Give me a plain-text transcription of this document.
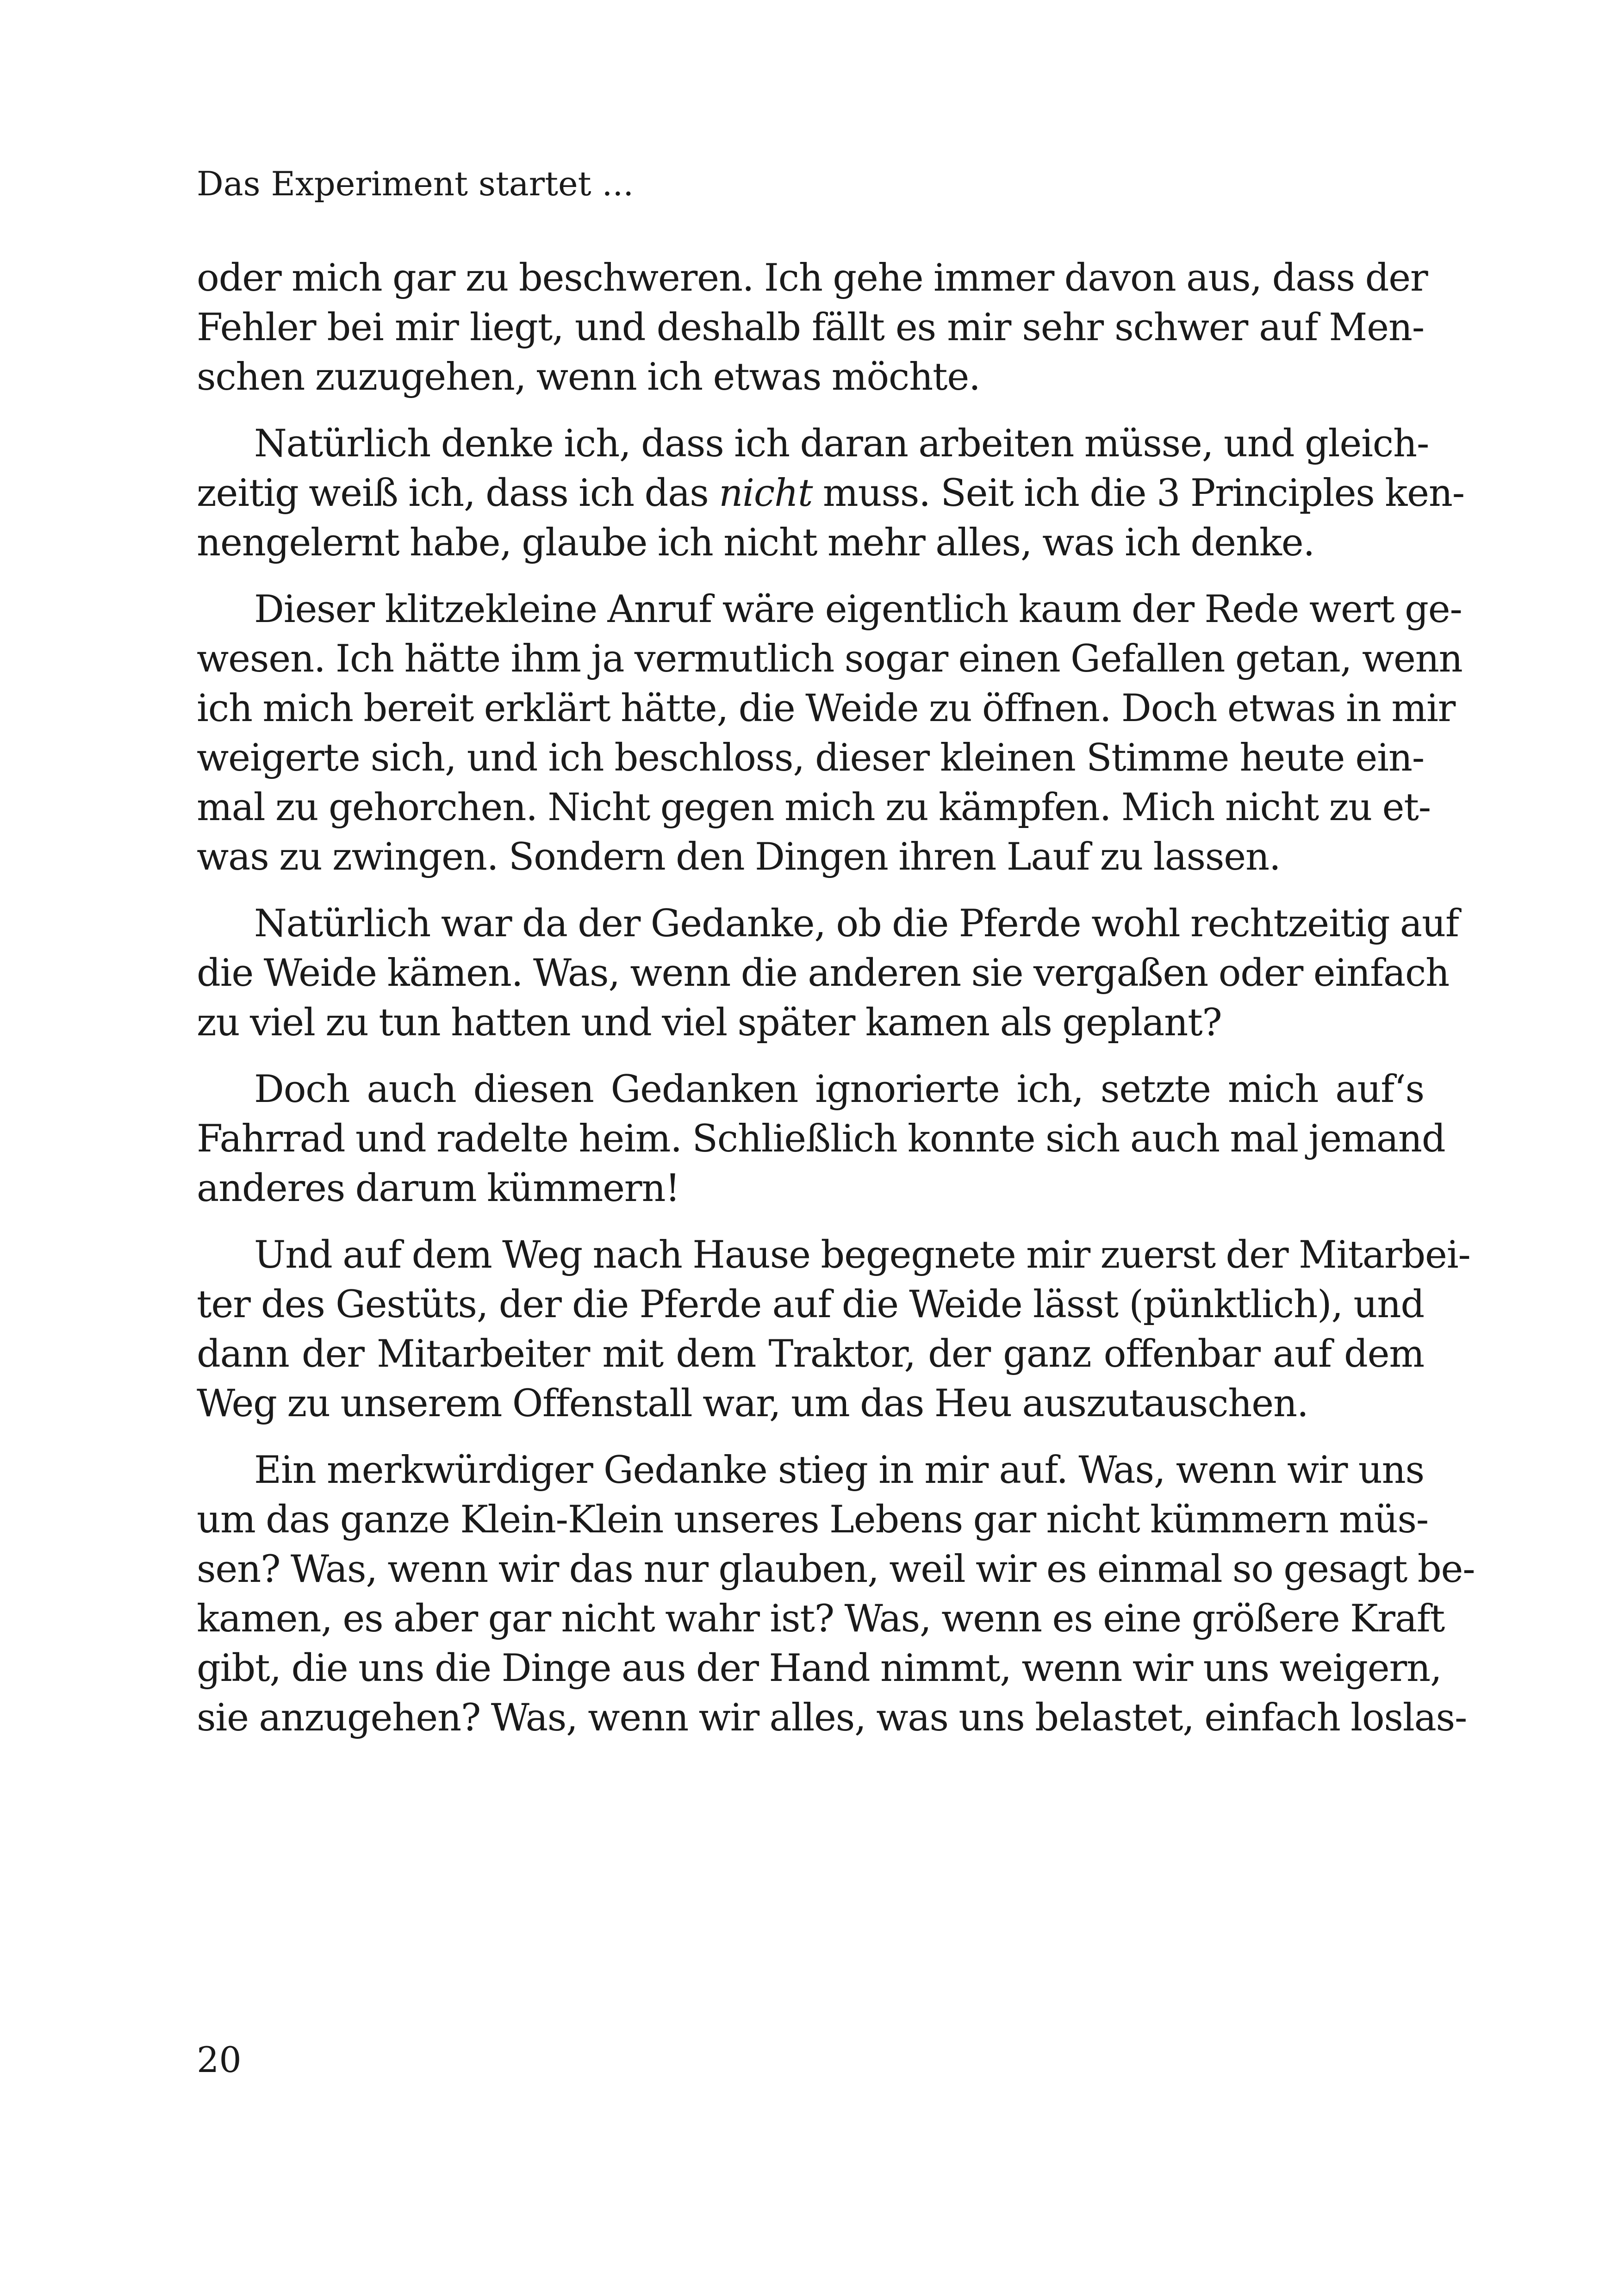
Das Experiment startet ...
oder mich gar zu beschweren. Ich gehe immer davon aus, dass der
Fehler bei mir liegt, und deshalb fällt es mir sehr schwer auf Men-
schen zuzugehen, wenn ich etwas möchte.
Natürlich denke ich, dass ich daran arbeiten müsse, und gleich-
zeitig weiß ich, dass ich das nicht muss. Seit ich die 3 Principles ken-
nengelernt habe, glaube ich nicht mehr alles, was ich denke.
Dieser klitzekleine Anruf wäre eigentlich kaum der Rede wert ge-
wesen. Ich hätte ihm ja vermutlich sogar einen Gefallen getan, wenn
ich mich bereit erklärt hätte, die Weide zu öffnen. Doch etwas in mir
weigerte sich, und ich beschloss, dieser kleinen Stimme heute ein-
mal zu gehorchen. Nicht gegen mich zu kämpfen. Mich nicht zu et-
was zu zwingen. Sondern den Dingen ihren Lauf zu lassen.
Natürlich war da der Gedanke, ob die Pferde wohl rechtzeitig auf
die Weide kämen. Was, wenn die anderen sie vergaßen oder einfach
zu viel zu tun hatten und viel später kamen als geplant?
Doch auch diesen Gedanken ignorierte ich, setzte mich auf‘s
Fahrrad und radelte heim. Schließlich konnte sich auch mal jemand
anderes darum kümmern!
Und auf dem Weg nach Hause begegnete mir zuerst der Mitarbei-
ter des Gestüts, der die Pferde auf die Weide lässt (pünktlich), und
dann der Mitarbeiter mit dem Traktor, der ganz offenbar auf dem
Weg zu unserem Offenstall war, um das Heu auszutauschen.
Ein merkwürdiger Gedanke stieg in mir auf. Was, wenn wir uns
um das ganze Klein-Klein unseres Lebens gar nicht kümmern müs-
sen? Was, wenn wir das nur glauben, weil wir es einmal so gesagt be-
kamen, es aber gar nicht wahr ist? Was, wenn es eine größere Kraft
gibt, die uns die Dinge aus der Hand nimmt, wenn wir uns weigern,
sie anzugehen? Was, wenn wir alles, was uns belastet, einfach loslas-
20
